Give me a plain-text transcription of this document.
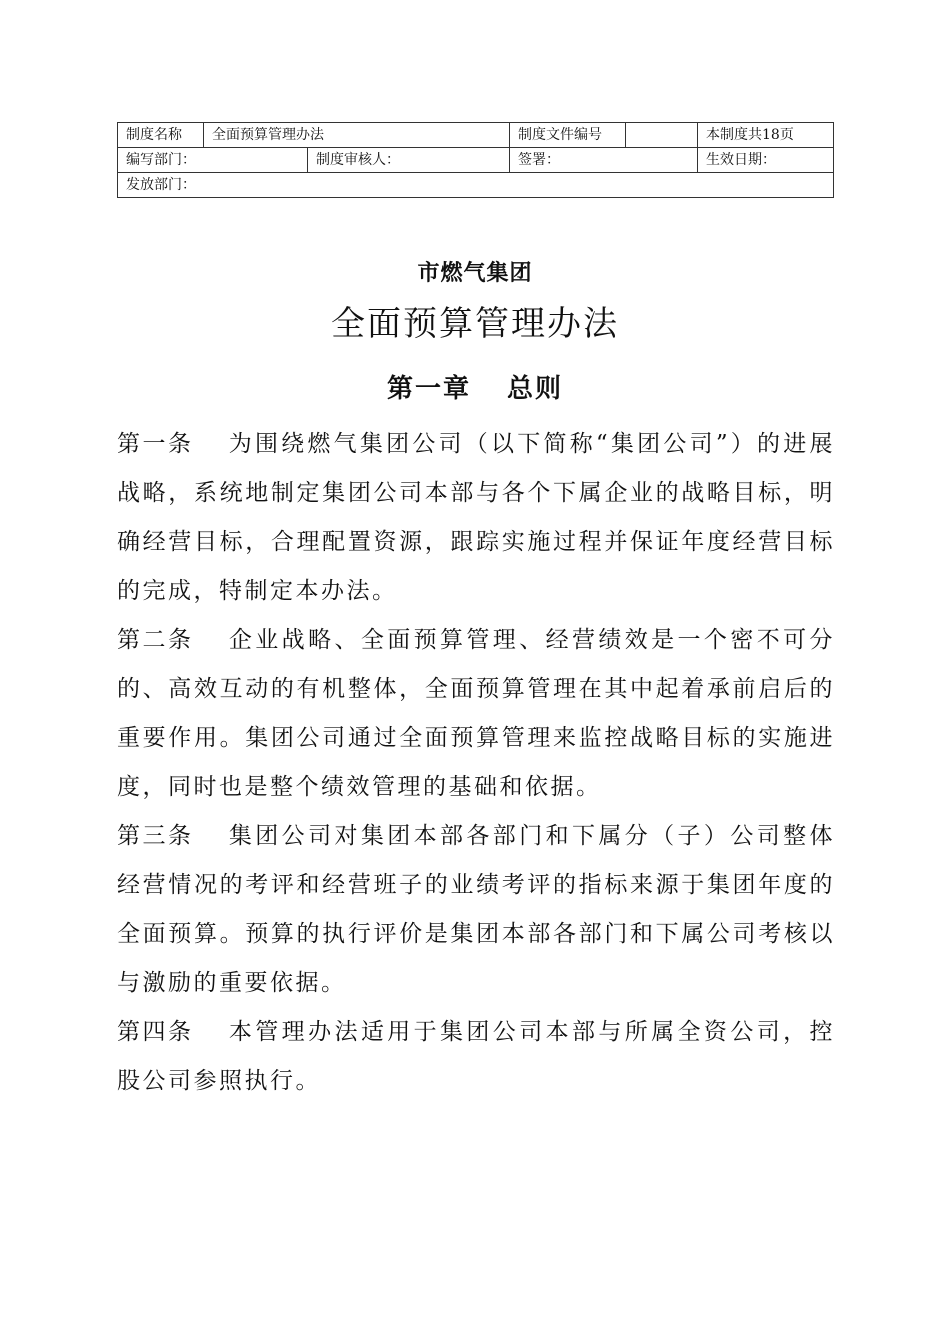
制度名称	全面预算管理办法		制度文件编号		本制度共18页
编写部门：		制度审核人：	签署：		生效日期：
发放部门：					
市燃气集团
全面预算管理办法
第一章 总则

第一条 为围绕燃气集团公司（以下简称“集团公司”）的进展战略，系统地制定集团公司本部与各个下属企业的战略目标，明确经营目标，合理配置资源，跟踪实施过程并保证年度经营目标的完成，特制定本办法。

第二条 企业战略、全面预算管理、经营绩效是一个密不可分的、高效互动的有机整体，全面预算管理在其中起着承前启后的重要作用。集团公司通过全面预算管理来监控战略目标的实施进度，同时也是整个绩效管理的基础和依据。

第三条 集团公司对集团本部各部门和下属分（子）公司整体经营情况的考评和经营班子的业绩考评的指标来源于集团年度的全面预算。预算的执行评价是集团本部各部门和下属公司考核以与激励的重要依据。

第四条 本管理办法适用于集团公司本部与所属全资公司，控股公司参照执行。
